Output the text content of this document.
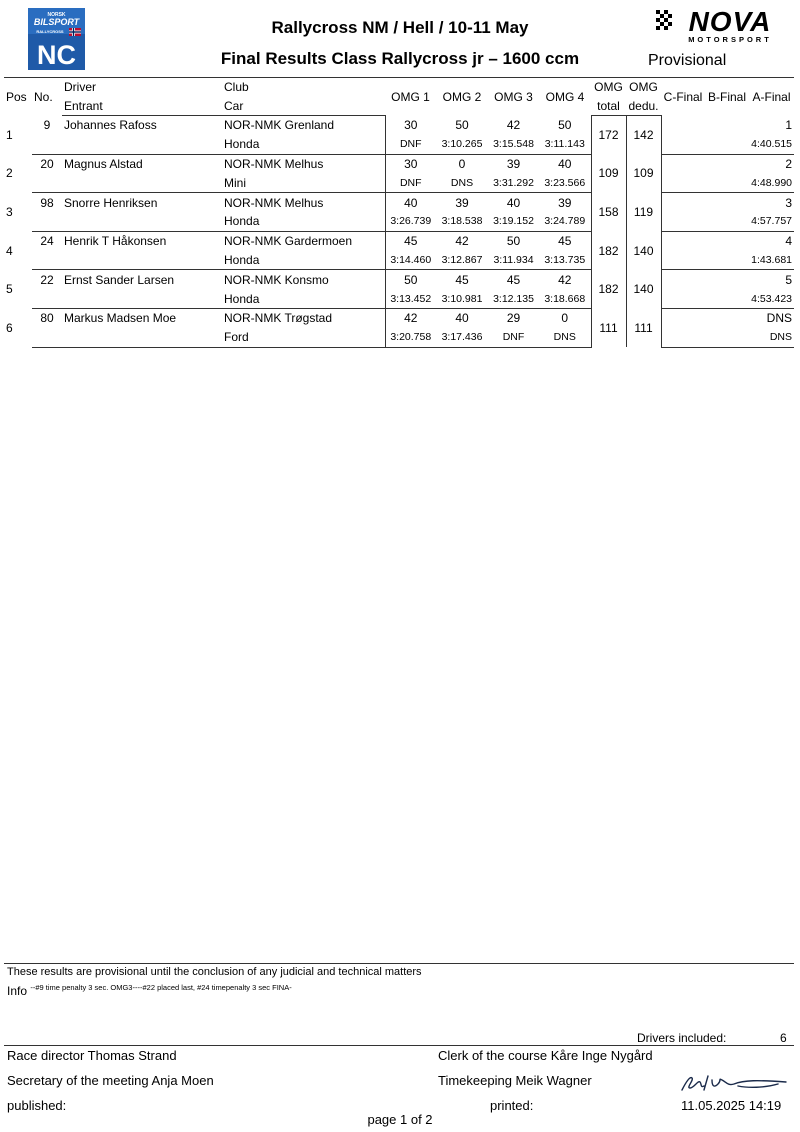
NORSK
BILSPORT
RALLYCROSS
NC
NOVA
MOTORSPORT
Rallycross NM / Hell / 10-11 May
Final Results Class Rallycross jr – 1600 ccm	Provisional
Pos	No.	Driver	Club	OMG 1	OMG 2	OMG 3	OMG 4	OMG	OMG	C-Final	B-Final	A-Final
		Entrant	Car					total	dedu.			
1	9	Johannes Rafoss	NOR-NMK Grenland	30	50	42	50	172	142			1
			Honda	DNF	3:10.265	3:15.548	3:11.143					4:40.515
2	20	Magnus Alstad	NOR-NMK Melhus	30	0	39	40	109	109			2
			Mini	DNF	DNS	3:31.292	3:23.566					4:48.990
3	98	Snorre Henriksen	NOR-NMK Melhus	40	39	40	39	158	119			3
			Honda	3:26.739	3:18.538	3:19.152	3:24.789					4:57.757
4	24	Henrik T Håkonsen	NOR-NMK Gardermoen	45	42	50	45	182	140			4
			Honda	3:14.460	3:12.867	3:11.934	3:13.735					1:43.681
5	22	Ernst Sander Larsen	NOR-NMK Konsmo	50	45	45	42	182	140			5
			Honda	3:13.452	3:10.981	3:12.135	3:18.668					4:53.423
6	80	Markus Madsen Moe	NOR-NMK Trøgstad	42	40	29	0	111	111			DNS
			Ford	3:20.758	3:17.436	DNF	DNS					DNS
These results are provisional until the conclusion of any judicial and technical matters
Info $^{--\#9 time penalty 3 sec. OMG3----\#22 placed last, \#24 timepenalty 3 sec FINA-}$
Drivers included:	6
Race director Thomas Strand	Clerk of the course Kåre Inge Nygård
Secretary of the meeting Anja Moen	Timekeeping Meik Wagner
published:	printed:	11.05.2025 14:19
page 1 of 2
